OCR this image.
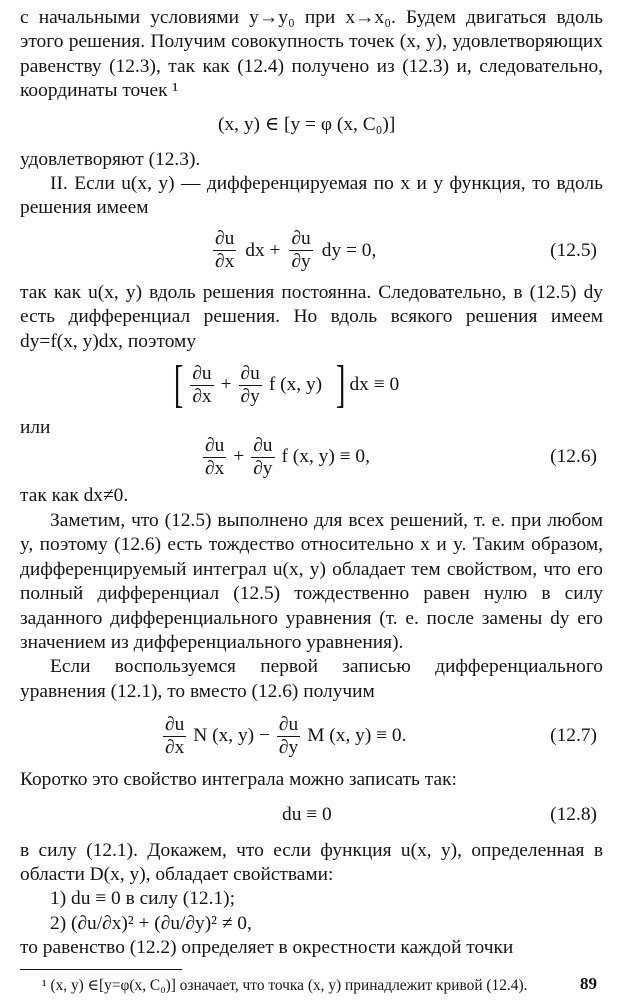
с начальными условиями y→y₀ при x→x₀. Будем двигаться вдоль этого решения. Получим совокупность точек (x, y), удовлетворяющих равенству (12.3), так как (12.4) получено из (12.3) и, следовательно, координаты точек ¹

(x, y) ∈ [y = φ (x, C₀)]

удовлетворяют (12.3).

II. Если u(x, y) — дифференцируемая по x и y функция, то вдоль решения имеем

$\frac{\partial u}{\partial x}$ dx + $\frac{\partial u}{\partial y}$ dy = 0,	(12.5)

так как u(x, y) вдоль решения постоянна. Следовательно, в (12.5) dy есть дифференциал решения. Но вдоль всякого решения имеем dy=f(x, y)dx, поэтому

[ $\frac{\partial u}{\partial x} + \frac{\partial u}{\partial y}$ f (x, y) ] dx ≡ 0

или

$\frac{\partial u}{\partial x} + \frac{\partial u}{\partial y}$ f (x, y) ≡ 0,	(12.6)

так как dx≠0.

Заметим, что (12.5) выполнено для всех решений, т. е. при любом y, поэтому (12.6) есть тождество относительно x и y. Таким образом, дифференцируемый интеграл u(x, y) обладает тем свойством, что его полный дифференциал (12.5) тождественно равен нулю в силу заданного дифференциального уравнения (т. е. после замены dy его значением из дифференциального уравнения).

Если воспользуемся первой записью дифференциального уравнения (12.1), то вместо (12.6) получим

$\frac{\partial u}{\partial x}$ N (x, $y) - \frac{\partial u}{\partial y}$ M (x, y) ≡ 0.	(12.7)

Коротко это свойство интеграла можно записать так:

du ≡ 0	(12.8)

в силу (12.1). Докажем, что если функция u(x, y), определенная в области D(x, y), обладает свойствами:

1) du ≡ 0 в силу (12.1);

2) (∂u/∂x)² + (∂u/∂y)² ≠ 0,

то равенство (12.2) определяет в окрестности каждой точки

¹ (x, y) ∈[y=φ(x, C₀)] означает, что точка (x, y) принадлежит кривой (12.4).	89
